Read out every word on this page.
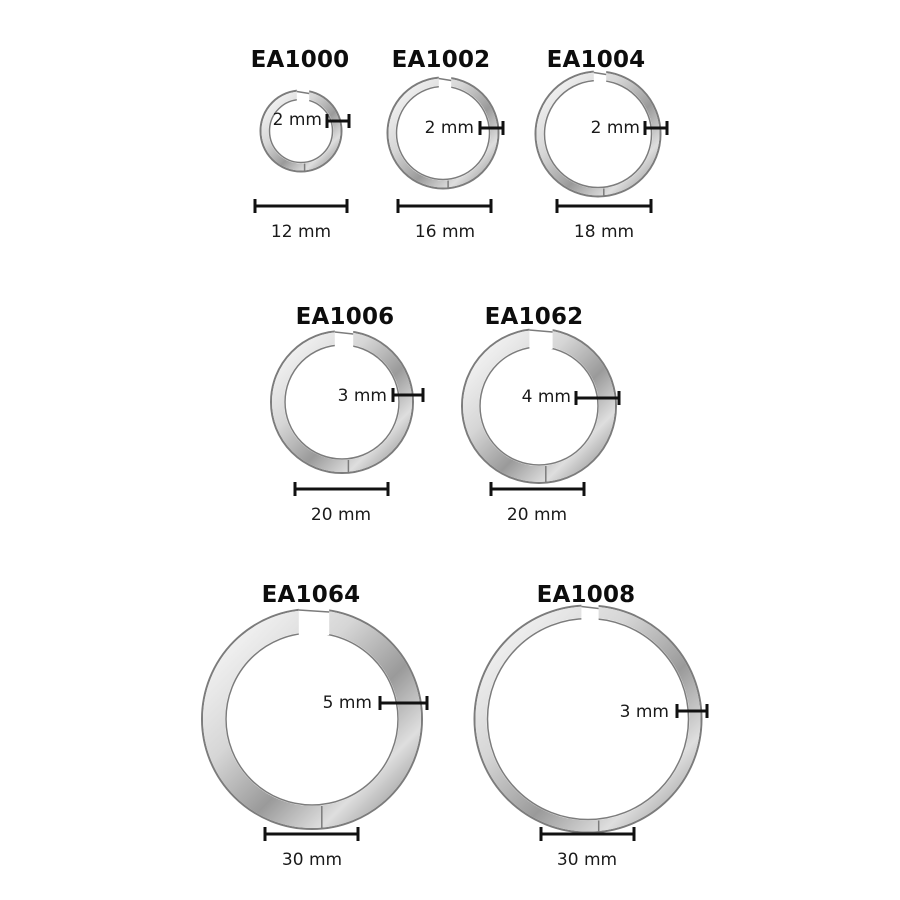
EA1000 EA1002 EA1004
EA1006	EA1062
EA1064	EA1008
2 mm	2 mm	2 mm
3 mm	4 mm
5 mm	3 mm
12 mm	16 mm	18 mm
20 mm	20 mm
30 mm	30 mm
